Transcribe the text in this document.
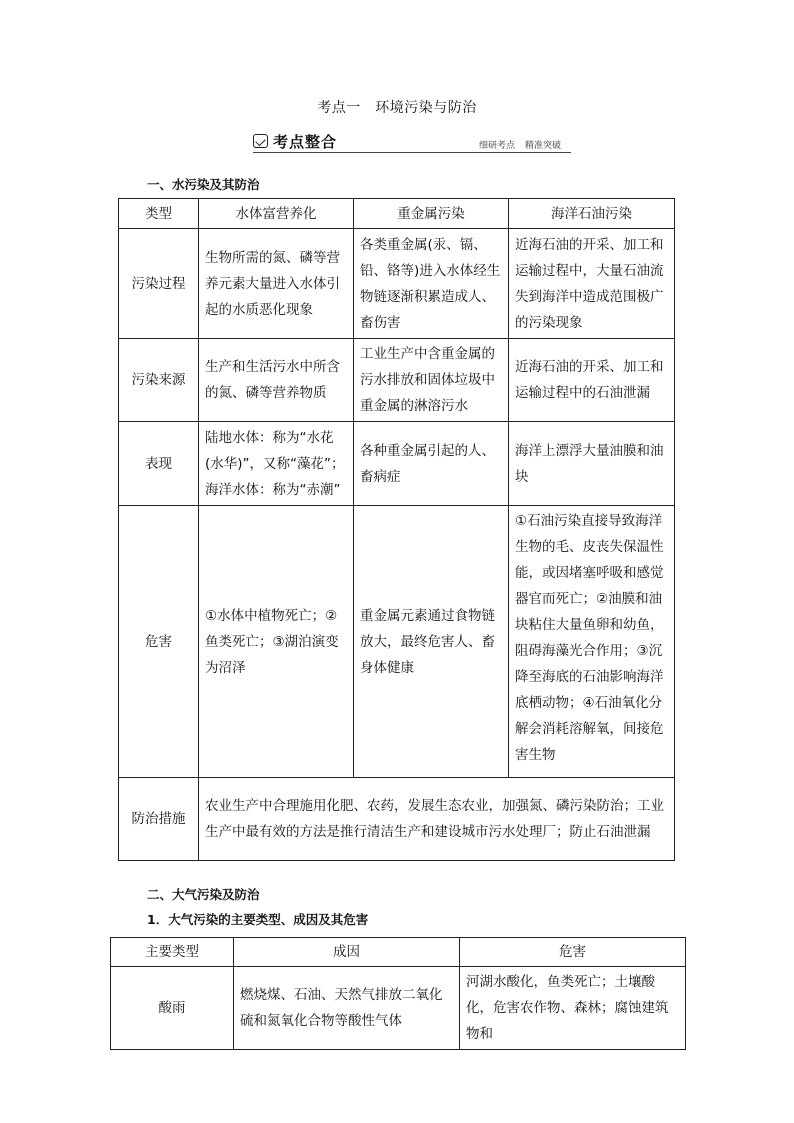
考点一　环境污染与防治
考点整合	细研考点 精准突破
一、水污染及其防治
类型	水体富营养化	重金属污染	海洋石油污染
污染过程	生物所需的氮、磷等营养元素大量进入水体引起的水质恶化现象	各类重金属(汞、镉、铅、铬等)进入水体经生物链逐渐积累造成人、畜伤害	近海石油的开采、加工和运输过程中，大量石油流失到海洋中造成范围极广的污染现象
污染来源	生产和生活污水中所含的氮、磷等营养物质	工业生产中含重金属的污水排放和固体垃圾中重金属的淋溶污水	近海石油的开采、加工和运输过程中的石油泄漏
表现	陆地水体：称为“水花(水华)”，又称“藻花”；海洋水体：称为“赤潮”	各种重金属引起的人、畜病症	海洋上漂浮大量油膜和油块
危害	①水体中植物死亡；②鱼类死亡；③湖泊演变为沼泽	重金属元素通过食物链放大，最终危害人、畜身体健康	①石油污染直接导致海洋生物的毛、皮丧失保温性能，或因堵塞呼吸和感觉器官而死亡；②油膜和油块粘住大量鱼卵和幼鱼，阻碍海藻光合作用；③沉降至海底的石油影响海洋底栖动物；④石油氧化分解会消耗溶解氧，间接危害生物
防治措施	农业生产中合理施用化肥、农药，发展生态农业，加强氮、磷污染防治；工业生产中最有效的方法是推行清洁生产和建设城市污水处理厂；防止石油泄漏		
二、大气污染及防治
1．大气污染的主要类型、成因及其危害
主要类型	成因	危害
酸雨	燃烧煤、石油、天然气排放二氧化硫和氮氧化合物等酸性气体	河湖水酸化，鱼类死亡；土壤酸化，危害农作物、森林；腐蚀建筑物和
